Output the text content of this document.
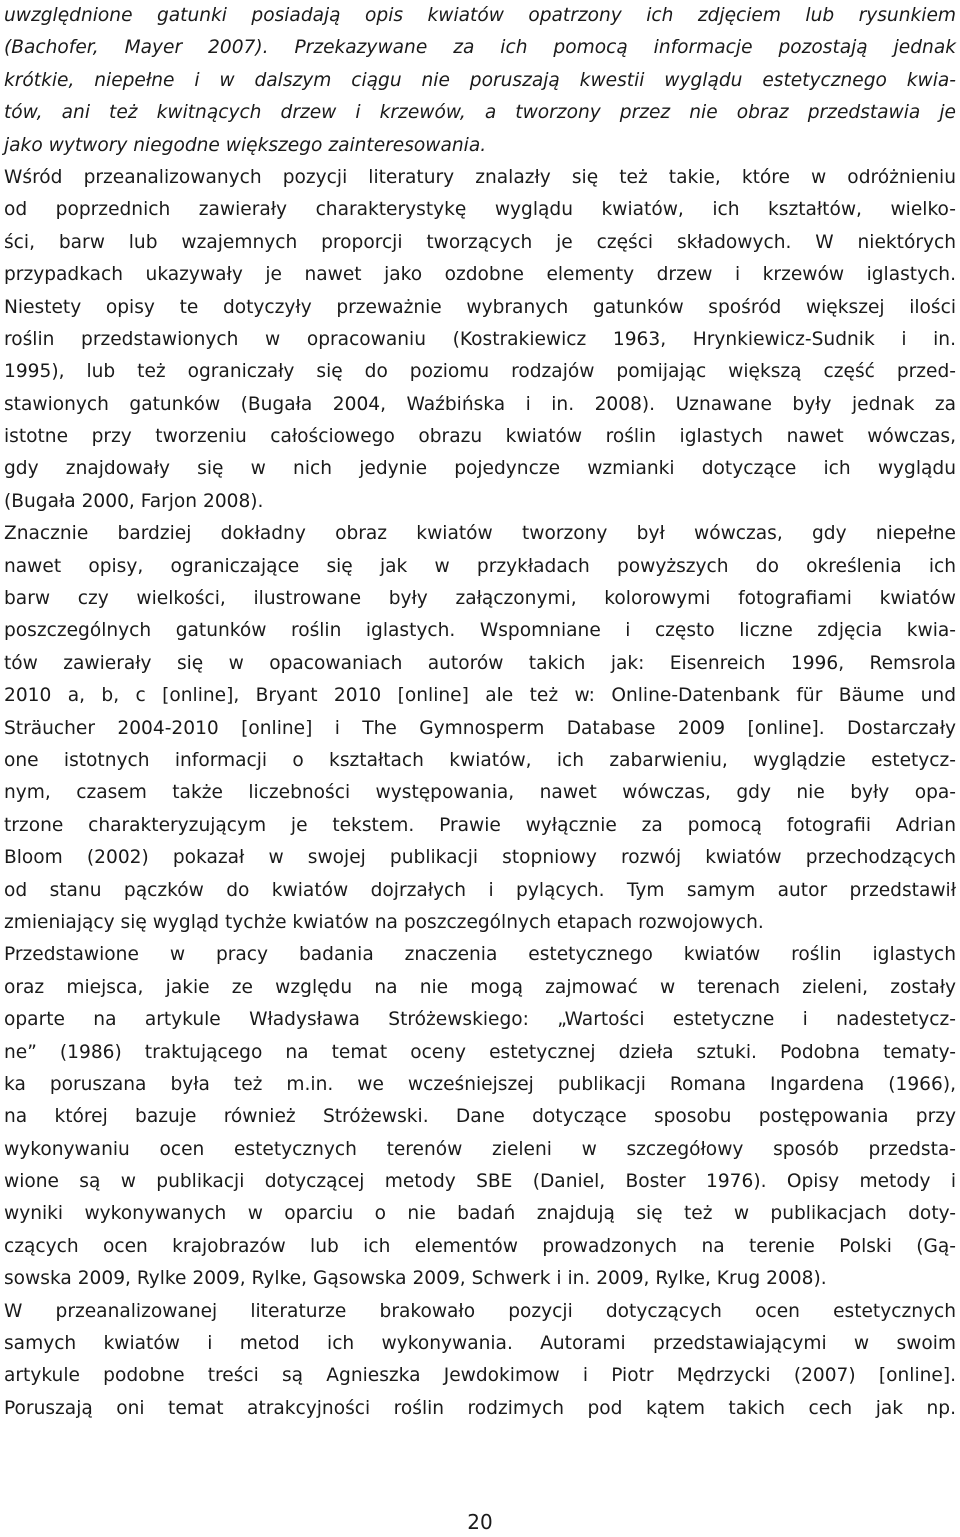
uwzględnione gatunki posiadają opis kwiatów opatrzony ich zdjęciem lub rysunkiem
(Bachofer, Mayer 2007). Przekazywane za ich pomocą informacje pozostają jednak
krótkie, niepełne i w dalszym ciągu nie poruszają kwestii wyglądu estetycznego kwia-
tów, ani też kwitnących drzew i krzewów, a tworzony przez nie obraz przedstawia je
jako wytwory niegodne większego zainteresowania.
Wśród przeanalizowanych pozycji literatury znalazły się też takie, które w odróżnieniu
od poprzednich zawierały charakterystykę wyglądu kwiatów, ich kształtów, wielko-
ści, barw lub wzajemnych proporcji tworzących je części składowych. W niektórych
przypadkach ukazywały je nawet jako ozdobne elementy drzew i krzewów iglastych.
Niestety opisy te dotyczyły przeważnie wybranych gatunków spośród większej ilości
roślin przedstawionych w opracowaniu (Kostrakiewicz 1963, Hrynkiewicz-Sudnik i in.
1995), lub też ograniczały się do poziomu rodzajów pomijając większą część przed-
stawionych gatunków (Bugała 2004, Waźbińska i in. 2008). Uznawane były jednak za
istotne przy tworzeniu całościowego obrazu kwiatów roślin iglastych nawet wówczas,
gdy znajdowały się w nich jedynie pojedyncze wzmianki dotyczące ich wyglądu
(Bugała 2000, Farjon 2008).
Znacznie bardziej dokładny obraz kwiatów tworzony był wówczas, gdy niepełne
nawet opisy, ograniczające się jak w przykładach powyższych do określenia ich
barw czy wielkości, ilustrowane były załączonymi, kolorowymi fotografiami kwiatów
poszczególnych gatunków roślin iglastych. Wspomniane i często liczne zdjęcia kwia-
tów zawierały się w opacowaniach autorów takich jak: Eisenreich 1996, Remsrola
2010 a, b, c [online], Bryant 2010 [online] ale też w: Online-Datenbank für Bäume und
Sträucher 2004-2010 [online] i The Gymnosperm Database 2009 [online]. Dostarczały
one istotnych informacji o kształtach kwiatów, ich zabarwieniu, wyglądzie estetycz-
nym, czasem także liczebności występowania, nawet wówczas, gdy nie były opa-
trzone charakteryzującym je tekstem. Prawie wyłącznie za pomocą fotografii Adrian
Bloom (2002) pokazał w swojej publikacji stopniowy rozwój kwiatów przechodzących
od stanu pączków do kwiatów dojrzałych i pylących. Tym samym autor przedstawił
zmieniający się wygląd tychże kwiatów na poszczególnych etapach rozwojowych.
Przedstawione w pracy badania znaczenia estetycznego kwiatów roślin iglastych
oraz miejsca, jakie ze względu na nie mogą zajmować w terenach zieleni, zostały
oparte na artykule Władysława Stróżewskiego: „Wartości estetyczne i nadestetycz-
ne” (1986) traktującego na temat oceny estetycznej dzieła sztuki. Podobna tematy-
ka poruszana była też m.in. we wcześniejszej publikacji Romana Ingardena (1966),
na której bazuje również Stróżewski. Dane dotyczące sposobu postępowania przy
wykonywaniu ocen estetycznych terenów zieleni w szczegółowy sposób przedsta-
wione są w publikacji dotyczącej metody SBE (Daniel, Boster 1976). Opisy metody i
wyniki wykonywanych w oparciu o nie badań znajdują się też w publikacjach doty-
czących ocen krajobrazów lub ich elementów prowadzonych na terenie Polski (Gą-
sowska 2009, Rylke 2009, Rylke, Gąsowska 2009, Schwerk i in. 2009, Rylke, Krug 2008).
W przeanalizowanej literaturze brakowało pozycji dotyczących ocen estetycznych
samych kwiatów i metod ich wykonywania. Autorami przedstawiającymi w swoim
artykule podobne treści są Agnieszka Jewdokimow i Piotr Mędrzycki (2007) [online].
Poruszają oni temat atrakcyjności roślin rodzimych pod kątem takich cech jak np.
20
